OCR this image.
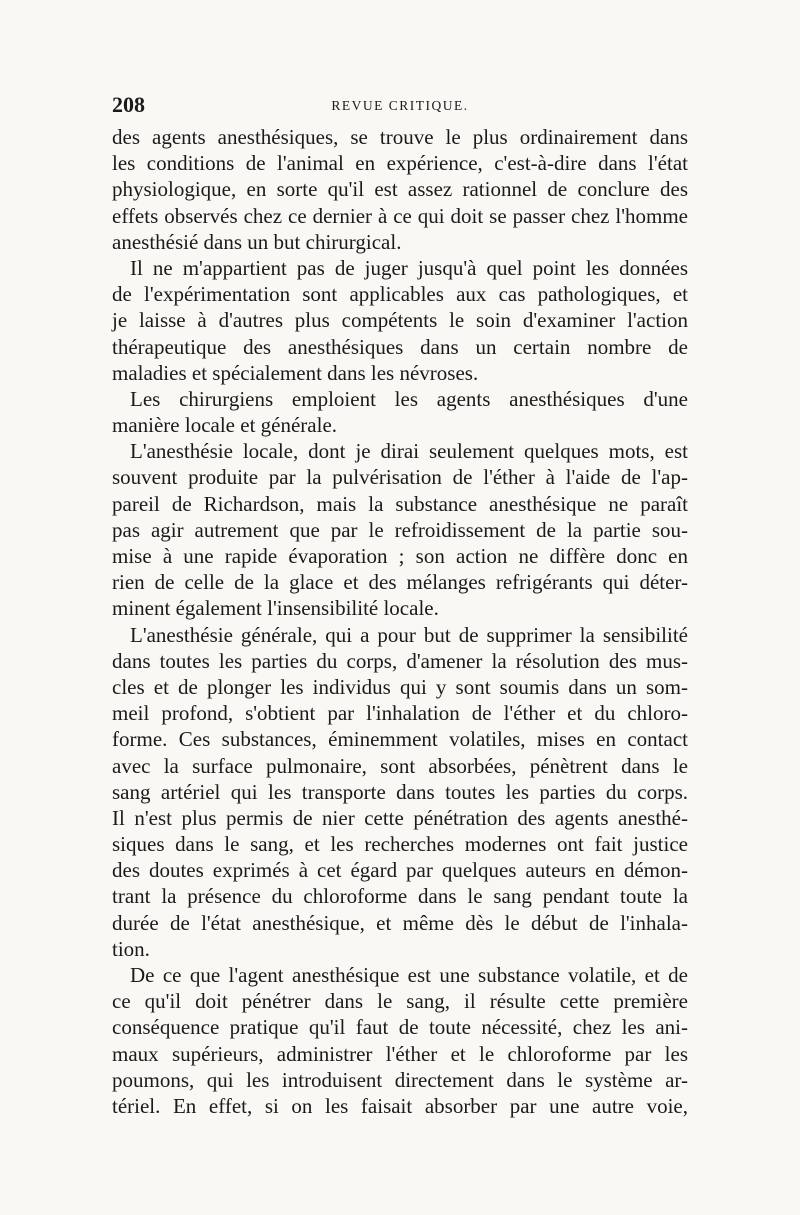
208	REVUE CRITIQUE.
des agents anesthésiques, se trouve le plus ordinairement dans
les conditions de l'animal en expérience, c'est-à-dire dans l'état
physiologique, en sorte qu'il est assez rationnel de conclure des
effets observés chez ce dernier à ce qui doit se passer chez l'homme
anesthésié dans un but chirurgical.
Il ne m'appartient pas de juger jusqu'à quel point les données
de l'expérimentation sont applicables aux cas pathologiques, et
je laisse à d'autres plus compétents le soin d'examiner l'action
thérapeutique des anesthésiques dans un certain nombre de
maladies et spécialement dans les névroses.
Les chirurgiens emploient les agents anesthésiques d'une
manière locale et générale.
L'anesthésie locale, dont je dirai seulement quelques mots, est
souvent produite par la pulvérisation de l'éther à l'aide de l'ap-
pareil de Richardson, mais la substance anesthésique ne paraît
pas agir autrement que par le refroidissement de la partie sou-
mise à une rapide évaporation ; son action ne diffère donc en
rien de celle de la glace et des mélanges refrigérants qui déter-
minent également l'insensibilité locale.
L'anesthésie générale, qui a pour but de supprimer la sensibilité
dans toutes les parties du corps, d'amener la résolution des mus-
cles et de plonger les individus qui y sont soumis dans un som-
meil profond, s'obtient par l'inhalation de l'éther et du chloro-
forme. Ces substances, éminemment volatiles, mises en contact
avec la surface pulmonaire, sont absorbées, pénètrent dans le
sang artériel qui les transporte dans toutes les parties du corps.
Il n'est plus permis de nier cette pénétration des agents anesthé-
siques dans le sang, et les recherches modernes ont fait justice
des doutes exprimés à cet égard par quelques auteurs en démon-
trant la présence du chloroforme dans le sang pendant toute la
durée de l'état anesthésique, et même dès le début de l'inhala-
tion.
De ce que l'agent anesthésique est une substance volatile, et de
ce qu'il doit pénétrer dans le sang, il résulte cette première
conséquence pratique qu'il faut de toute nécessité, chez les ani-
maux supérieurs, administrer l'éther et le chloroforme par les
poumons, qui les introduisent directement dans le système ar-
tériel. En effet, si on les faisait absorber par une autre voie,
